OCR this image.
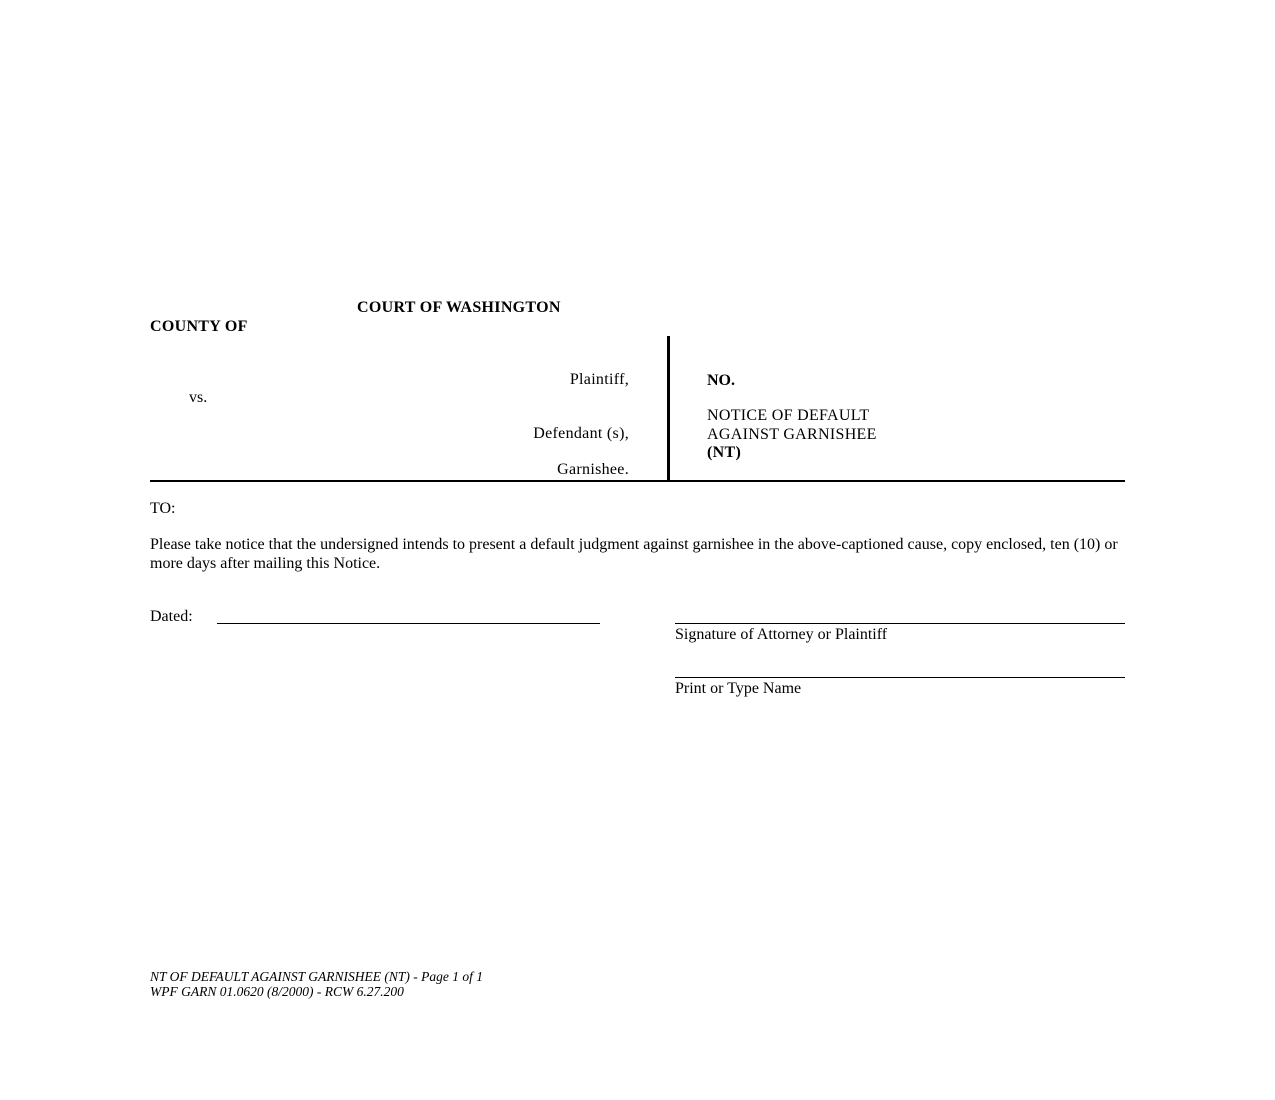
COURT OF WASHINGTON
COUNTY OF
Plaintiff,
vs.
Defendant (s),
Garnishee.
NO.
NOTICE OF DEFAULT
AGAINST GARNISHEE
(NT)
TO:
Please take notice that the undersigned intends to present a default judgment against garnishee in the above-captioned cause, copy enclosed, ten (10) or more days after mailing this Notice.
Dated:
Signature of Attorney or Plaintiff
Print or Type Name
NT OF DEFAULT AGAINST GARNISHEE (NT) - Page 1 of 1
WPF GARN 01.0620 (8/2000) - RCW 6.27.200
